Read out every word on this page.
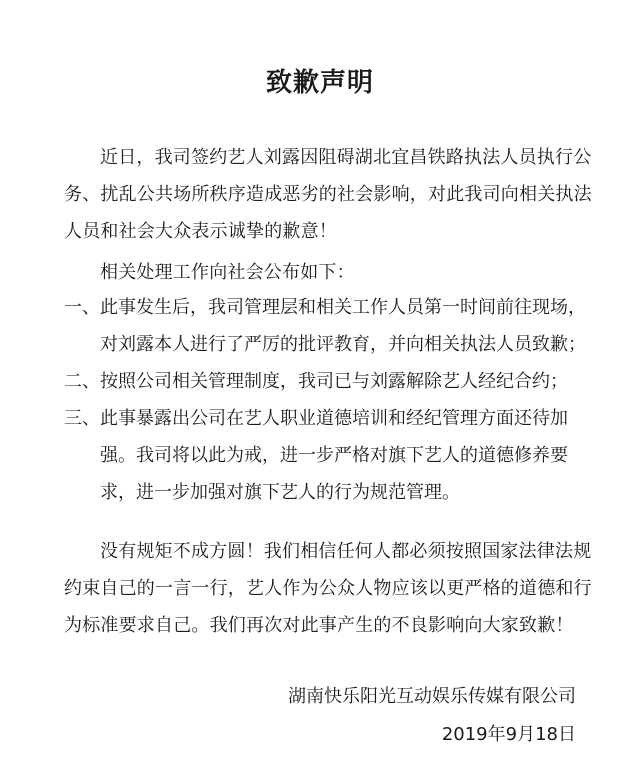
致歉声明
近日，我司签约艺人刘露因阻碍湖北宜昌铁路执法人员执行公
务、扰乱公共场所秩序造成恶劣的社会影响，对此我司向相关执法
人员和社会大众表示诚挚的歉意！
相关处理工作向社会公布如下：
一、此事发生后，我司管理层和相关工作人员第一时间前往现场，
对刘露本人进行了严厉的批评教育，并向相关执法人员致歉；
二、按照公司相关管理制度，我司已与刘露解除艺人经纪合约；
三、此事暴露出公司在艺人职业道德培训和经纪管理方面还待加
强。我司将以此为戒，进一步严格对旗下艺人的道德修养要
求，进一步加强对旗下艺人的行为规范管理。
没有规矩不成方圆！我们相信任何人都必须按照国家法律法规
约束自己的一言一行，艺人作为公众人物应该以更严格的道德和行
为标准要求自己。我们再次对此事产生的不良影响向大家致歉！
湖南快乐阳光互动娱乐传媒有限公司
2019年9月18日
